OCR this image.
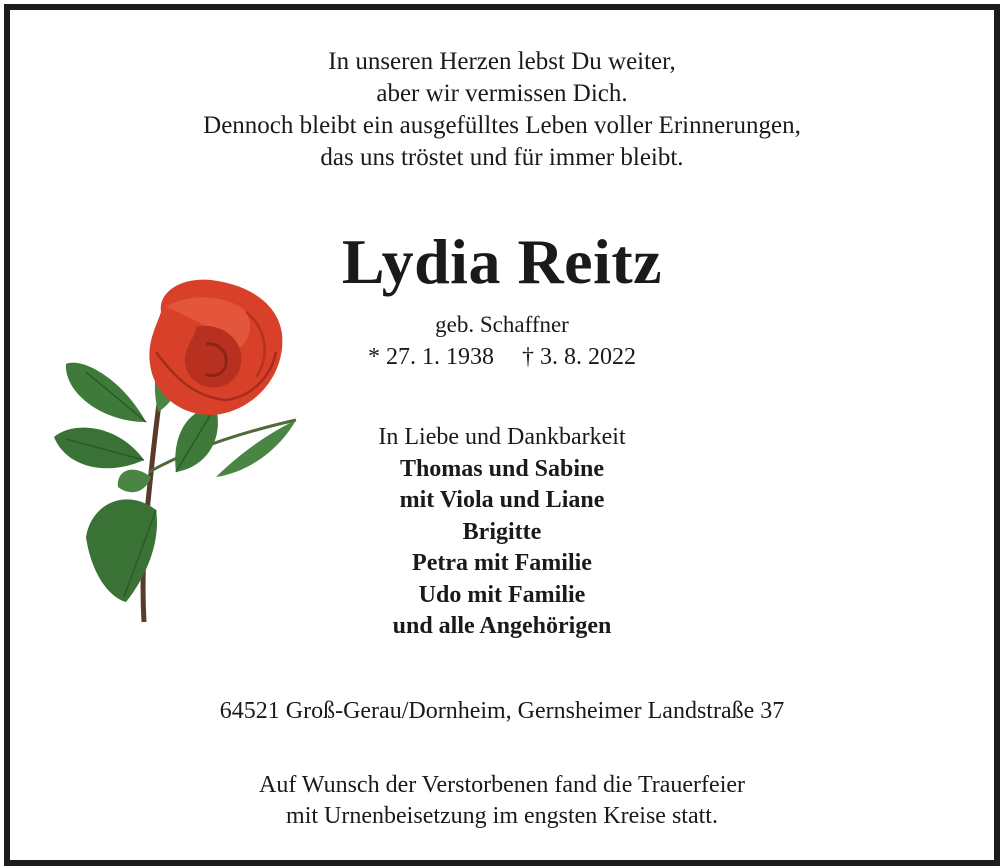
In unseren Herzen lebst Du weiter,
aber wir vermissen Dich.
Dennoch bleibt ein ausgefülltes Leben voller Erinnerungen,
das uns tröstet und für immer bleibt.
Lydia Reitz
geb. Schaffner
* 27. 1. 1938 † 3. 8. 2022
In Liebe und Dankbarkeit
Thomas und Sabine
mit Viola und Liane
Brigitte
Petra mit Familie
Udo mit Familie
und alle Angehörigen
64521 Groß-Gerau/Dornheim, Gernsheimer Landstraße 37
Auf Wunsch der Verstorbenen fand die Trauerfeier
mit Urnenbeisetzung im engsten Kreise statt.
